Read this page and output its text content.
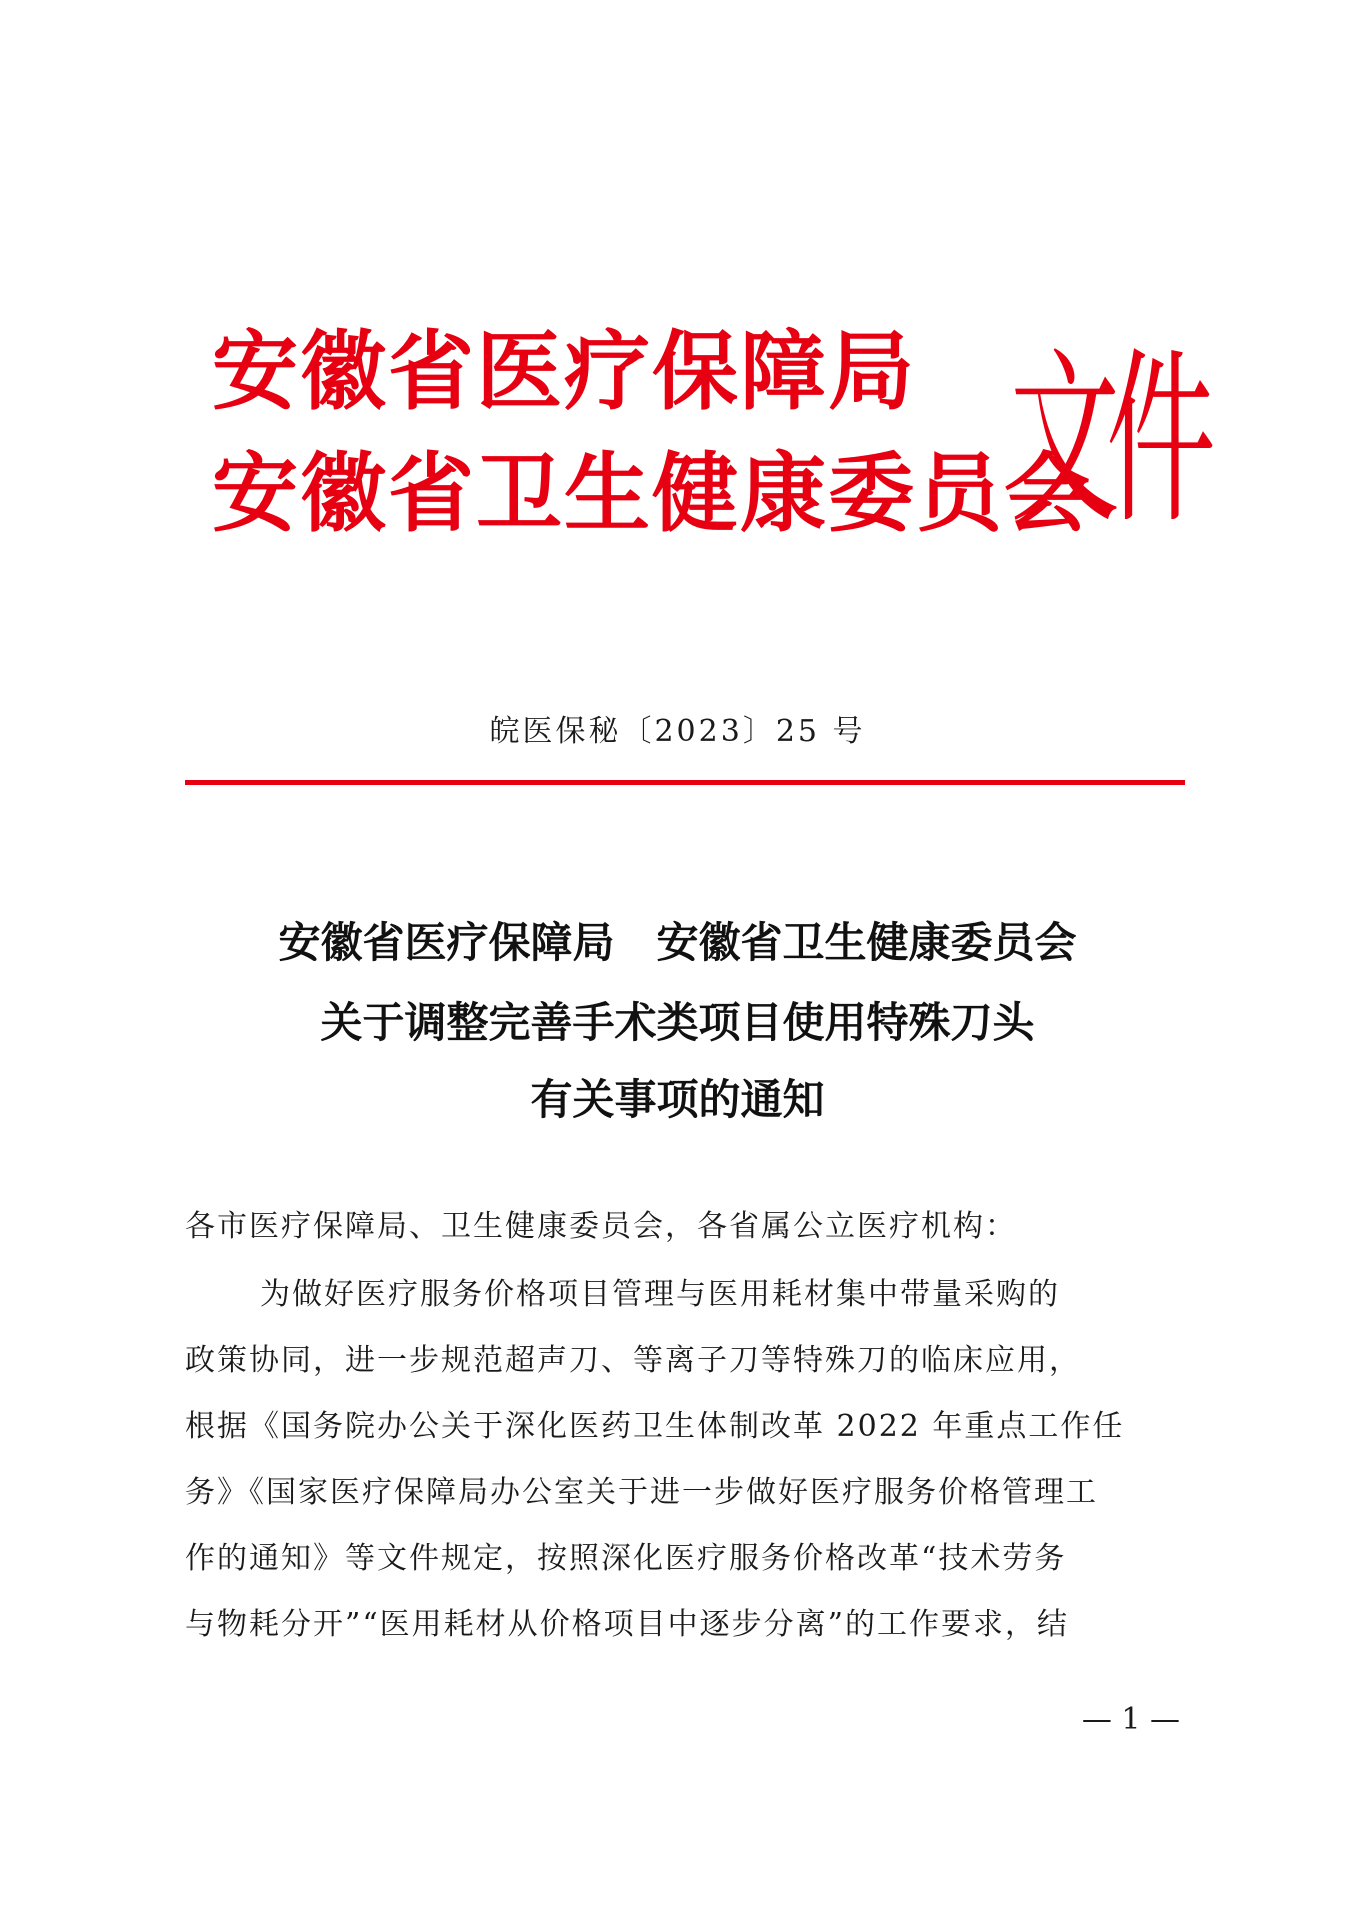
安徽省医疗保障局
安徽省卫生健康委员会
文件
皖医保秘〔2023〕25 号
安徽省医疗保障局　安徽省卫生健康委员会
关于调整完善手术类项目使用特殊刀头
有关事项的通知
各市医疗保障局、卫生健康委员会，各省属公立医疗机构：
为做好医疗服务价格项目管理与医用耗材集中带量采购的
政策协同，进一步规范超声刀、等离子刀等特殊刀的临床应用，
根据《国务院办公关于深化医药卫生体制改革 2022 年重点工作任
务》《国家医疗保障局办公室关于进一步做好医疗服务价格管理工
作的通知》等文件规定，按照深化医疗服务价格改革“技术劳务
与物耗分开”“医用耗材从价格项目中逐步分离”的工作要求，结
— 1 —
